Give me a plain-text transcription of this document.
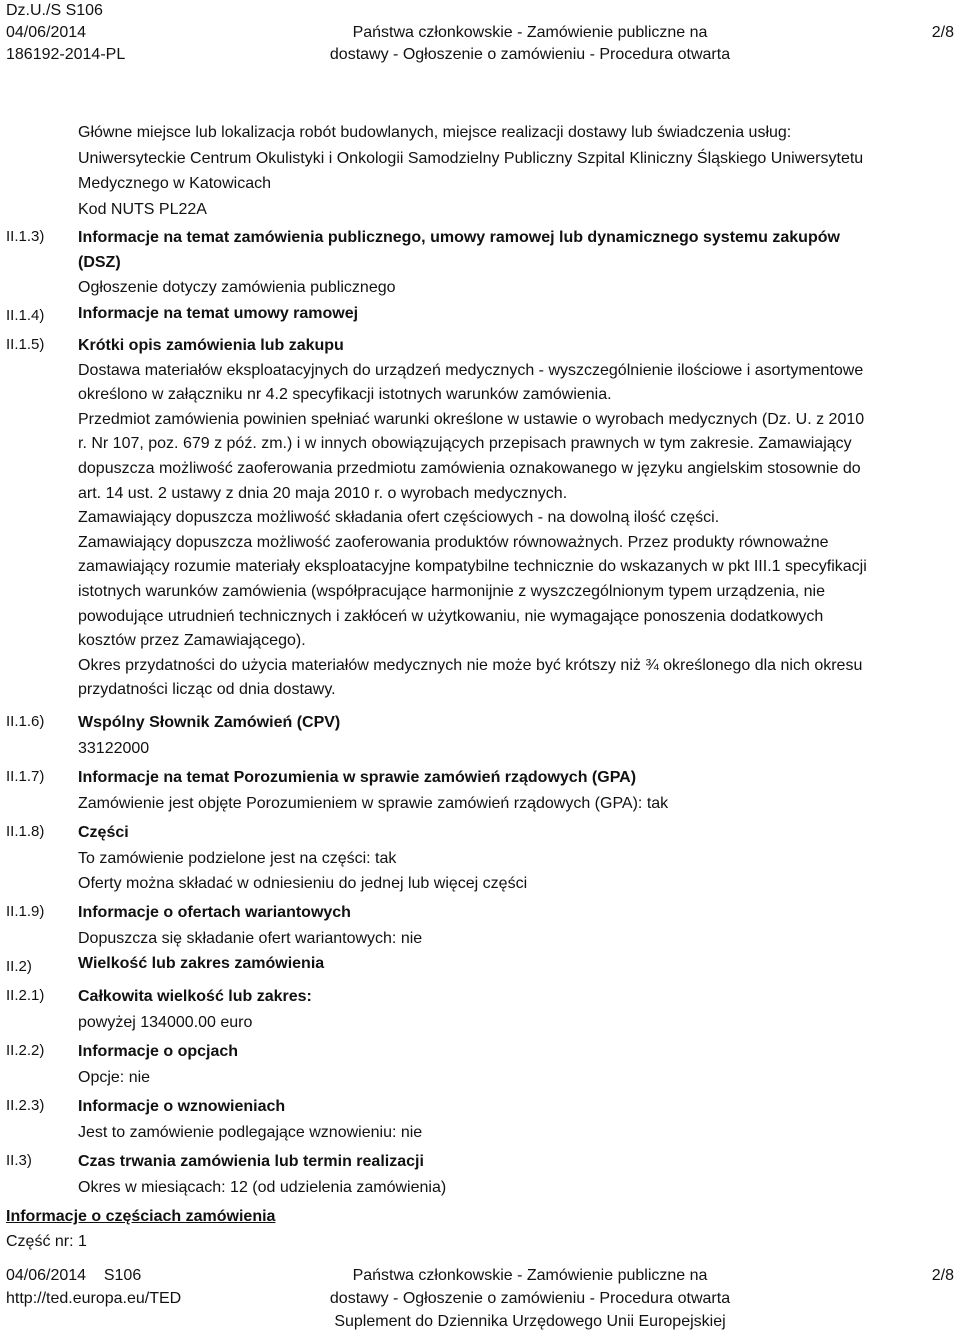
Dz.U./S S106
04/06/2014
186192-2014-PL
Państwa członkowskie - Zamówienie publiczne na
dostawy - Ogłoszenie o zamówieniu - Procedura otwarta
2/8
II.1.3)
II.1.4)
II.1.5)
II.1.6)
II.1.7)
II.1.8)
II.1.9)
II.2)
II.2.1)
II.2.2)
II.2.3)
II.3)
Główne miejsce lub lokalizacja robót budowlanych, miejsce realizacji dostawy lub świadczenia usług:
Uniwersyteckie Centrum Okulistyki i Onkologii Samodzielny Publiczny Szpital Kliniczny Śląskiego Uniwersytetu
Medycznego w Katowicach
Kod NUTS PL22A
Informacje na temat zamówienia publicznego, umowy ramowej lub dynamicznego systemu zakupów
(DSZ)
Ogłoszenie dotyczy zamówienia publicznego
Informacje na temat umowy ramowej
Krótki opis zamówienia lub zakupu
Dostawa materiałów eksploatacyjnych do urządzeń medycznych - wyszczególnienie ilościowe i asortymentowe
określono w załączniku nr 4.2 specyfikacji istotnych warunków zamówienia.
Przedmiot zamówienia powinien spełniać warunki określone w ustawie o wyrobach medycznych (Dz. U. z 2010
r. Nr 107, poz. 679 z póź. zm.) i w innych obowiązujących przepisach prawnych w tym zakresie. Zamawiający
dopuszcza możliwość zaoferowania przedmiotu zamówienia oznakowanego w języku angielskim stosownie do
art. 14 ust. 2 ustawy z dnia 20 maja 2010 r. o wyrobach medycznych.
Zamawiający dopuszcza możliwość składania ofert częściowych - na dowolną ilość części.
Zamawiający dopuszcza możliwość zaoferowania produktów równoważnych. Przez produkty równoważne
zamawiający rozumie materiały eksploatacyjne kompatybilne technicznie do wskazanych w pkt III.1 specyfikacji
istotnych warunków zamówienia (współpracujące harmonijnie z wyszczególnionym typem urządzenia, nie
powodujące utrudnień technicznych i zakłóceń w użytkowaniu, nie wymagające ponoszenia dodatkowych
kosztów przez Zamawiającego).
Okres przydatności do użycia materiałów medycznych nie może być krótszy niż ¾ określonego dla nich okresu
przydatności licząc od dnia dostawy.
Wspólny Słownik Zamówień (CPV)
33122000
Informacje na temat Porozumienia w sprawie zamówień rządowych (GPA)
Zamówienie jest objęte Porozumieniem w sprawie zamówień rządowych (GPA): tak
Części
To zamówienie podzielone jest na części: tak
Oferty można składać w odniesieniu do jednej lub więcej części
Informacje o ofertach wariantowych
Dopuszcza się składanie ofert wariantowych: nie
Wielkość lub zakres zamówienia
Całkowita wielkość lub zakres:
powyżej 134000.00 euro
Informacje o opcjach
Opcje: nie
Informacje o wznowieniach
Jest to zamówienie podlegające wznowieniu: nie
Czas trwania zamówienia lub termin realizacji
Okres w miesiącach: 12 (od udzielenia zamówienia)
Informacje o częściach zamówienia
Część nr: 1
04/06/2014    S106
http://ted.europa.eu/TED
Państwa członkowskie - Zamówienie publiczne na
dostawy - Ogłoszenie o zamówieniu - Procedura otwarta
Suplement do Dziennika Urzędowego Unii Europejskiej
2/8
